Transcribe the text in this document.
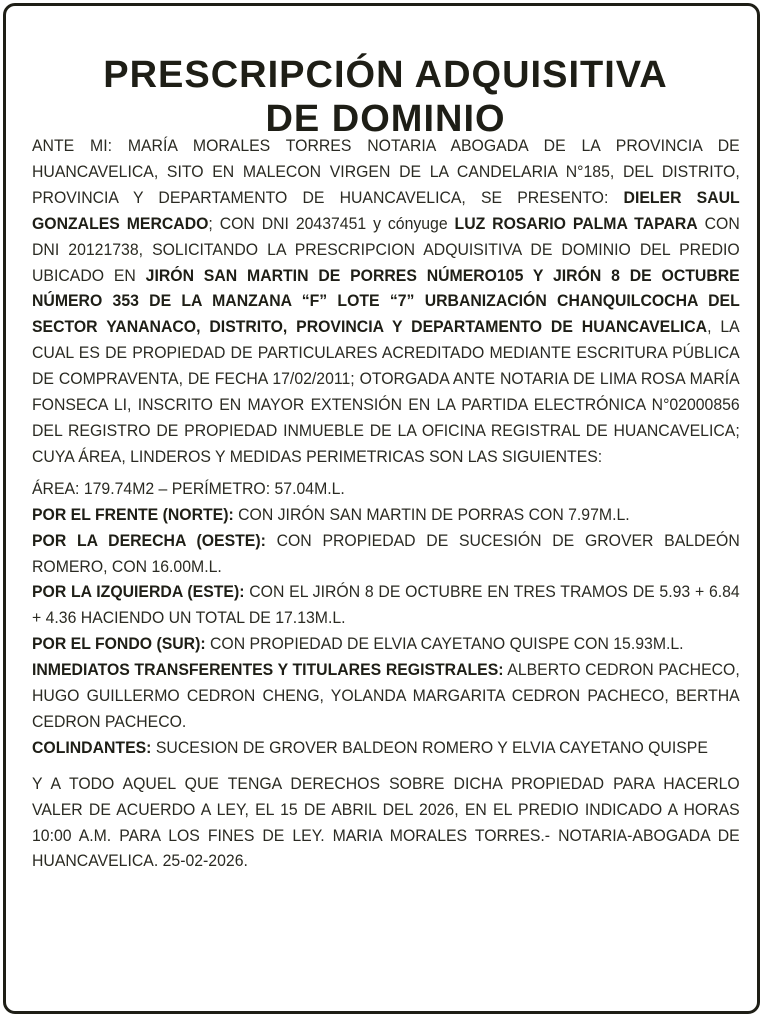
PRESCRIPCIÓN ADQUISITIVA
DE DOMINIO

ANTE MI: MARÍA MORALES TORRES NOTARIA ABOGADA DE LA PROVINCIA DE HUANCAVELICA, SITO EN MALECON VIRGEN DE LA CANDELARIA N°185, DEL DISTRITO, PROVINCIA Y DEPARTAMENTO DE HUANCAVELICA, SE PRESENTO: DIELER SAUL GONZALES MERCADO; CON DNI 20437451 y cónyuge LUZ ROSARIO PALMA TAPARA CON DNI 20121738, SOLICITANDO LA PRESCRIPCION ADQUISITIVA DE DOMINIO DEL PREDIO UBICADO EN JIRÓN SAN MARTIN DE PORRES NÚMERO105 Y JIRÓN 8 DE OCTUBRE NÚMERO 353 DE LA MANZANA “F” LOTE “7” URBANIZACIÓN CHANQUILCOCHA DEL SECTOR YANANACO, DISTRITO, PROVINCIA Y DEPARTAMENTO DE HUANCAVELICA, LA CUAL ES DE PROPIEDAD DE PARTICULARES ACREDITADO MEDIANTE ESCRITURA PÚBLICA DE COMPRAVENTA, DE FECHA 17/02/2011; OTORGADA ANTE NOTARIA DE LIMA ROSA MARÍA FONSECA LI, INSCRITO EN MAYOR EXTENSIÓN EN LA PARTIDA ELECTRÓNICA N°02000856 DEL REGISTRO DE PROPIEDAD INMUEBLE DE LA OFICINA REGISTRAL DE HUANCAVELICA; CUYA ÁREA, LINDEROS Y MEDIDAS PERIMETRICAS SON LAS SIGUIENTES:

ÁREA: 179.74M2 – PERÍMETRO: 57.04M.L.

POR EL FRENTE (NORTE): CON JIRÓN SAN MARTIN DE PORRAS CON 7.97M.L.

POR LA DERECHA (OESTE): CON PROPIEDAD DE SUCESIÓN DE GROVER BALDEÓN ROMERO, CON 16.00M.L.

POR LA IZQUIERDA (ESTE): CON EL JIRÓN 8 DE OCTUBRE EN TRES TRAMOS DE 5.93 + 6.84 + 4.36 HACIENDO UN TOTAL DE 17.13M.L.

POR EL FONDO (SUR): CON PROPIEDAD DE ELVIA CAYETANO QUISPE CON 15.93M.L.

INMEDIATOS TRANSFERENTES Y TITULARES REGISTRALES: ALBERTO CEDRON PACHECO, HUGO GUILLERMO CEDRON CHENG, YOLANDA MARGARITA CEDRON PACHECO, BERTHA CEDRON PACHECO.

COLINDANTES: SUCESION DE GROVER BALDEON ROMERO Y ELVIA CAYETANO QUISPE

Y A TODO AQUEL QUE TENGA DERECHOS SOBRE DICHA PROPIEDAD PARA HACERLO VALER DE ACUERDO A LEY, EL 15 DE ABRIL DEL 2026, EN EL PREDIO INDICADO A HORAS 10:00 A.M. PARA LOS FINES DE LEY. MARIA MORALES TORRES.- NOTARIA-ABOGADA DE HUANCAVELICA. 25-02-2026.
